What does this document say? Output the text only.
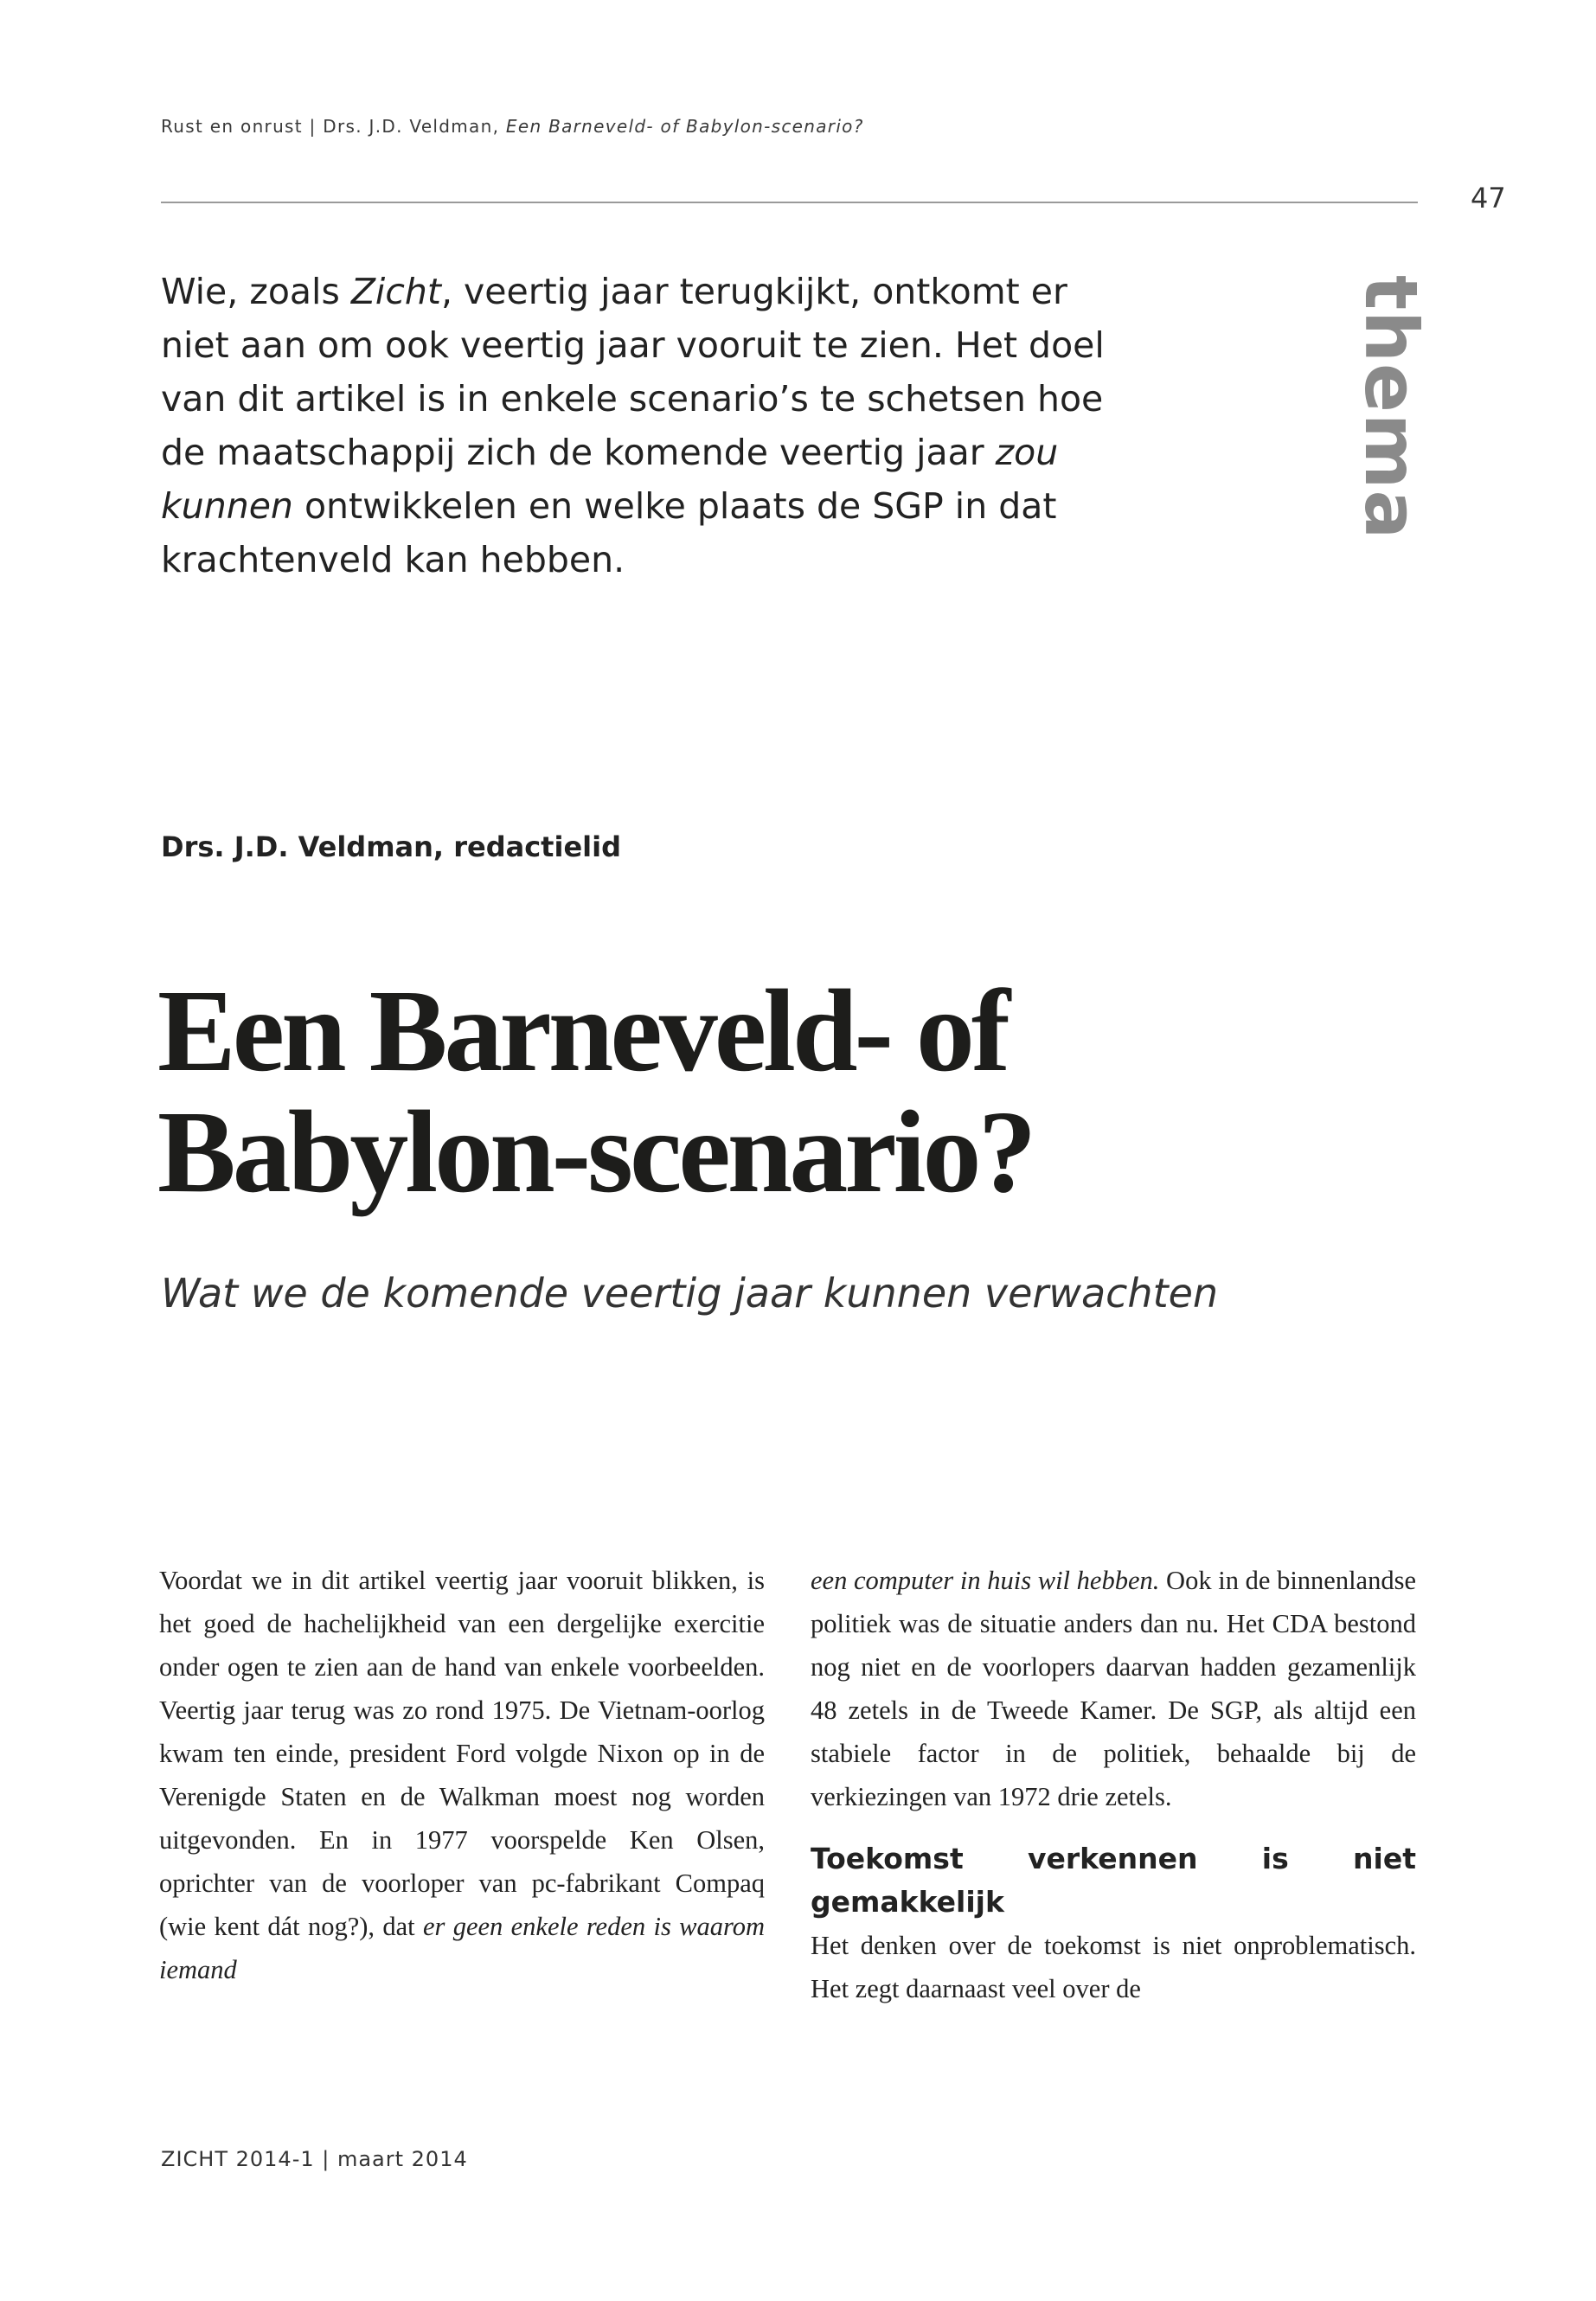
Rust en onrust | Drs. J.D. Veldman, Een Barneveld- of Babylon-scenario?
47
Wie, zoals Zicht, veertig jaar terugkijkt, ontkomt er niet aan om ook veertig jaar vooruit te zien. Het doel van dit artikel is in enkele scenario’s te schetsen hoe de maatschappij zich de komende veertig jaar zou kunnen ontwikkelen en welke plaats de SGP in dat krachtenveld kan hebben.
thema
Drs. J.D. Veldman, redactielid
Een Barneveld- of
Babylon-scenario?
Wat we de komende veertig jaar kunnen verwachten

Voordat we in dit artikel veertig jaar vooruit blikken, is het goed de hachelijkheid van een dergelijke exercitie onder ogen te zien aan de hand van enkele voorbeelden. Veertig jaar terug was zo rond 1975. De Vietnam-oorlog kwam ten einde, president Ford volgde Nixon op in de Verenigde Staten en de Walkman moest nog worden uitgevonden. En in 1977 voorspelde Ken Olsen, oprichter van de voorloper van pc-fabrikant Compaq (wie kent dát nog?), dat er geen enkele reden is waarom iemand

een computer in huis wil hebben. Ook in de binnenlandse politiek was de situatie anders dan nu. Het CDA bestond nog niet en de voorlopers daarvan hadden gezamenlijk 48 zetels in de Tweede Kamer. De SGP, als altijd een stabiele factor in de politiek, behaalde bij de verkiezingen van 1972 drie zetels.

Toekomst verkennen is niet gemakkelijk

Het denken over de toekomst is niet onproblematisch. Het zegt daarnaast veel over de

ZICHT 2014-1 | maart 2014
